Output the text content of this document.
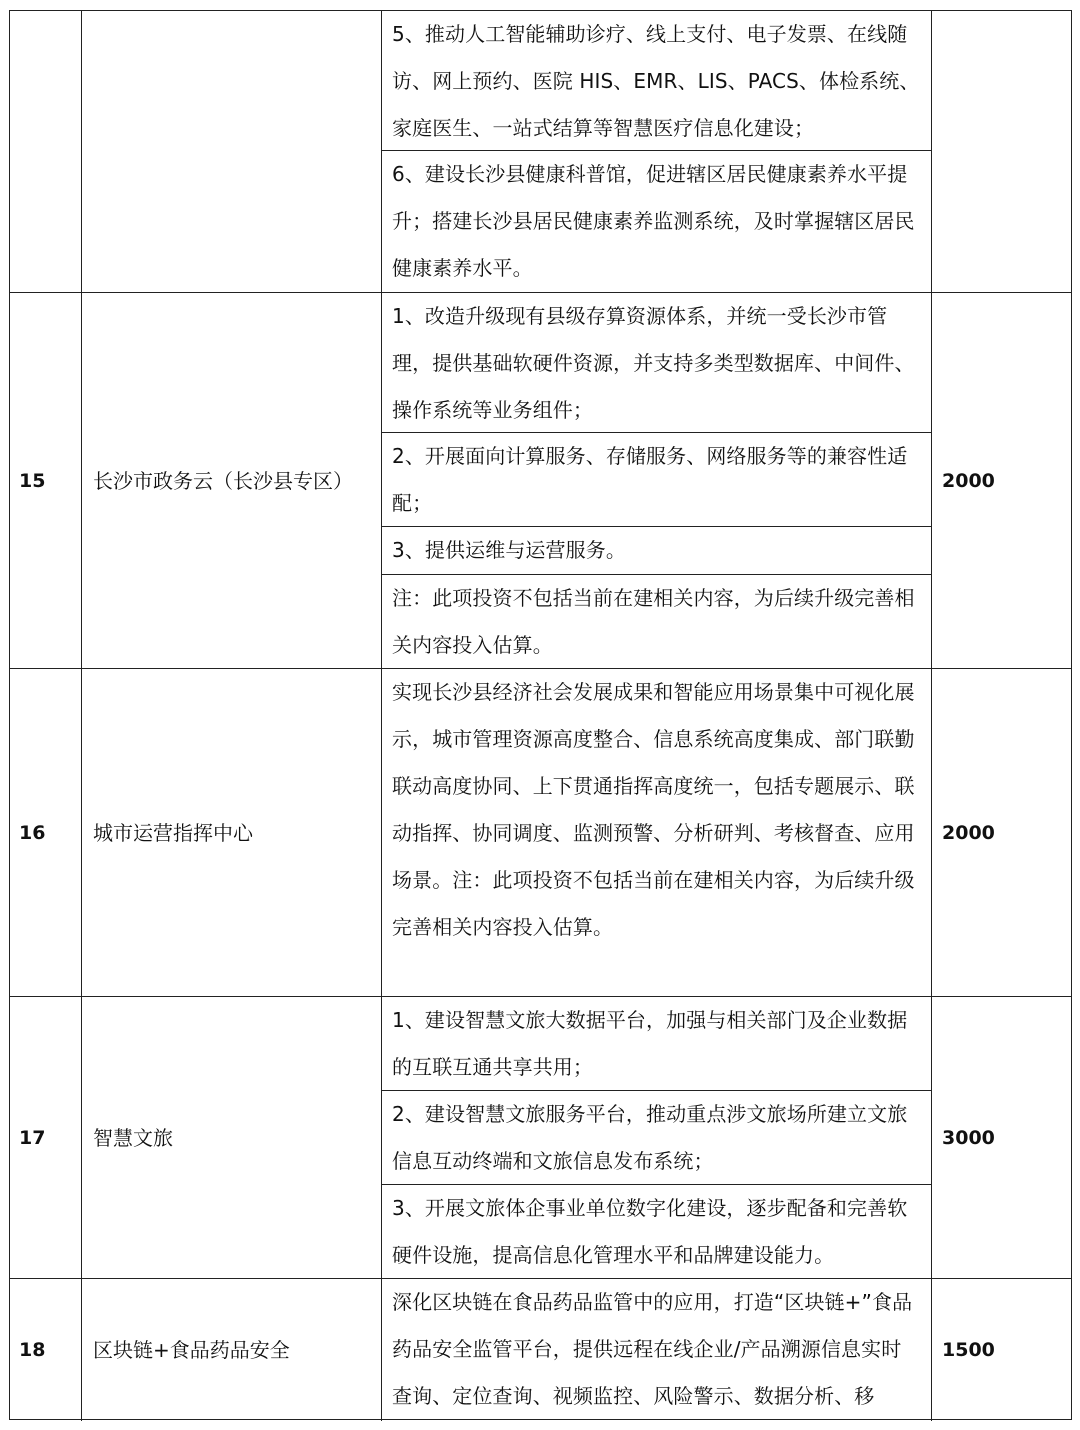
5、推动人工智能辅助诊疗、线上支付、电子发票、在线随访、网上预约、医院 HIS、EMR、LIS、PACS、体检系统、家庭医生、一站式结算等智慧医疗信息化建设；
6、建设长沙县健康科普馆，促进辖区居民健康素养水平提升；搭建长沙县居民健康素养监测系统，及时掌握辖区居民健康素养水平。
15 长沙市政务云（长沙县专区）
1、改造升级现有县级存算资源体系，并统一受长沙市管理，提供基础软硬件资源，并支持多类型数据库、中间件、操作系统等业务组件；
2、开展面向计算服务、存储服务、网络服务等的兼容性适配；
3、提供运维与运营服务。
注：此项投资不包括当前在建相关内容，为后续升级完善相关内容投入估算。
2000
16 城市运营指挥中心
实现长沙县经济社会发展成果和智能应用场景集中可视化展示，城市管理资源高度整合、信息系统高度集成、部门联勤联动高度协同、上下贯通指挥高度统一，包括专题展示、联动指挥、协同调度、监测预警、分析研判、考核督查、应用场景。注：此项投资不包括当前在建相关内容，为后续升级完善相关内容投入估算。
2000
17 智慧文旅
1、建设智慧文旅大数据平台，加强与相关部门及企业数据的互联互通共享共用；
2、建设智慧文旅服务平台，推动重点涉文旅场所建立文旅信息互动终端和文旅信息发布系统；
3、开展文旅体企事业单位数字化建设，逐步配备和完善软硬件设施，提高信息化管理水平和品牌建设能力。
3000
18 区块链+食品药品安全
深化区块链在食品药品监管中的应用，打造“区块链+”食品药品安全监管平台，提供远程在线企业/产品溯源信息实时查询、定位查询、视频监控、风险警示、数据分析、移
1500
